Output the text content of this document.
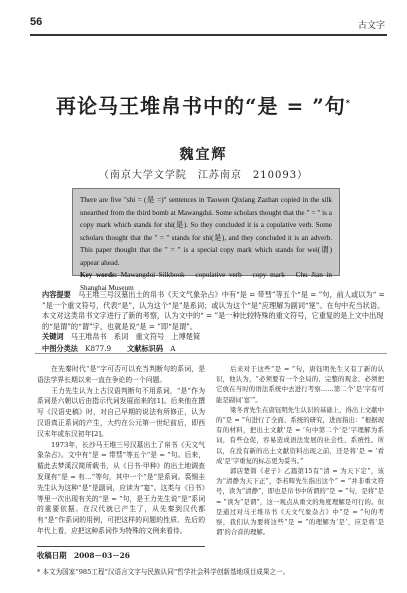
56	古文字
再论马王堆帛书中的“是 = ”句*
魏宜辉
（南京大学文学院　江苏南京　210093）
There are five "shi = (是 =)" sentences in Taowen Qixiang Zazhan copied in the silk unearthed from the third bomb at Mawangdui. Some scholars thought that the " = " is a copy mark which stands for shi(是). So they concluded it is a copulative verb. Some scholars thought that the " = " stands for shi(是), and they concluded it is an adverb. This paper thought that the " = " is a special copy mark which stands for wei(谓) appear ahead.
Key words: Mawangdui Silkbook　copulative verb　copy mark　Chu Jian in Shanghai Museum
内容提要　 马王堆三号汉墓出土的帛书《天文气象杂占》中有“是 = 带彗”等五个“是 = ”句，前人或以为“ = ”是一个重文符号，代表“是”，认为这个“是”是系词；或认为这个“是”应理解为副词“寔”。在句中充当状语。本文对这类帛书文字进行了新的考察，认为文中的“ = ”是一种比较特殊的重文符号，它重复的是上文中出现的“是谓”的“谓”字，也就是说“是 = ”即“是谓”。
关键词　 马王堆帛书　系词　重文符号　上博楚简
中图分类法　 K877.9 文献标识码　 A

在先秦时代“是”字可否可以充当判断句的系词，是语法学界长期以来一直在争论的一个问题。

王力先生认为上古汉语判断句不用系词，“是”作为系词是六朝以后由指示代词发展而来的[1]。后来他在撰写《汉语史稿》时，对自己早期的说法有所修正，认为汉语真正系词的产生，大约在公元第一世纪前后，即西汉末年或东汉初年[2]。

1973年，长沙马王堆三号汉墓出土了帛书《天文气象杂占》。文中有“是 = 带彗”等五个“是 = ”句。后来，循此去梦溪汉简所载书，从《日书·甲种》的出土地调查发现有“是 = 有…”等句，其中一个“是”是系词。裘锡圭先生认为这种“是”是副词，应读为“寔”。这类与《日书》等里一次出现有关的“是 = ”句，是王力先生说“是”系词的重要依据。在汉代就已产生了，从先秦到汉代都有“是”作系词的用例，可把这样的问题的性质、先后的年代上看，应把这种系词作为特殊的文例来看待。

后来对于这些“是 = ”句，唐钰明先生又有了新的认识，他认为，“必须要有一个全局的、完整的观念，必须把它放在当时的语法系统中去进行考察……第二个‘是’字有可能是副词‘寔’”。

梁冬青先生在唐钰明先生认识的基础上，得出上文献中的“是 = ”句进行了全面、系统的研究，进而指出：“根据现有的材料，把出土文献‘是 = ’句中第二个‘是’字理解为系词，有些仓促，容易造成语法发展的社会性、系统性。所以，在没有新的出土文献资料出现之前，还是将‘是 = ’看成‘是’字重复的标志更为妥当。”

郭店楚简《老子》乙篇第15有“清 = 为天下定”，该为“清静为天下正”，李若晖先生指出这个“ = ”并非重文符号，读为“清静”，即也是帛书中所谓的“是 = ”句，是将“是 = ”读为“是谓”，这一观点从重文的角度理解是可行的。但是通过对马王堆帛书《天文气象杂占》中“是 = ”句的考察，我们认为要将这些“是 = ”的理解为‘是’，应是将‘是谓’的合音的理解。

收稿日期　 2008－03－26
* 本文为国家“985工程”汉语言文字与民族认同”哲学社会科学创新基地项目成果之一。
